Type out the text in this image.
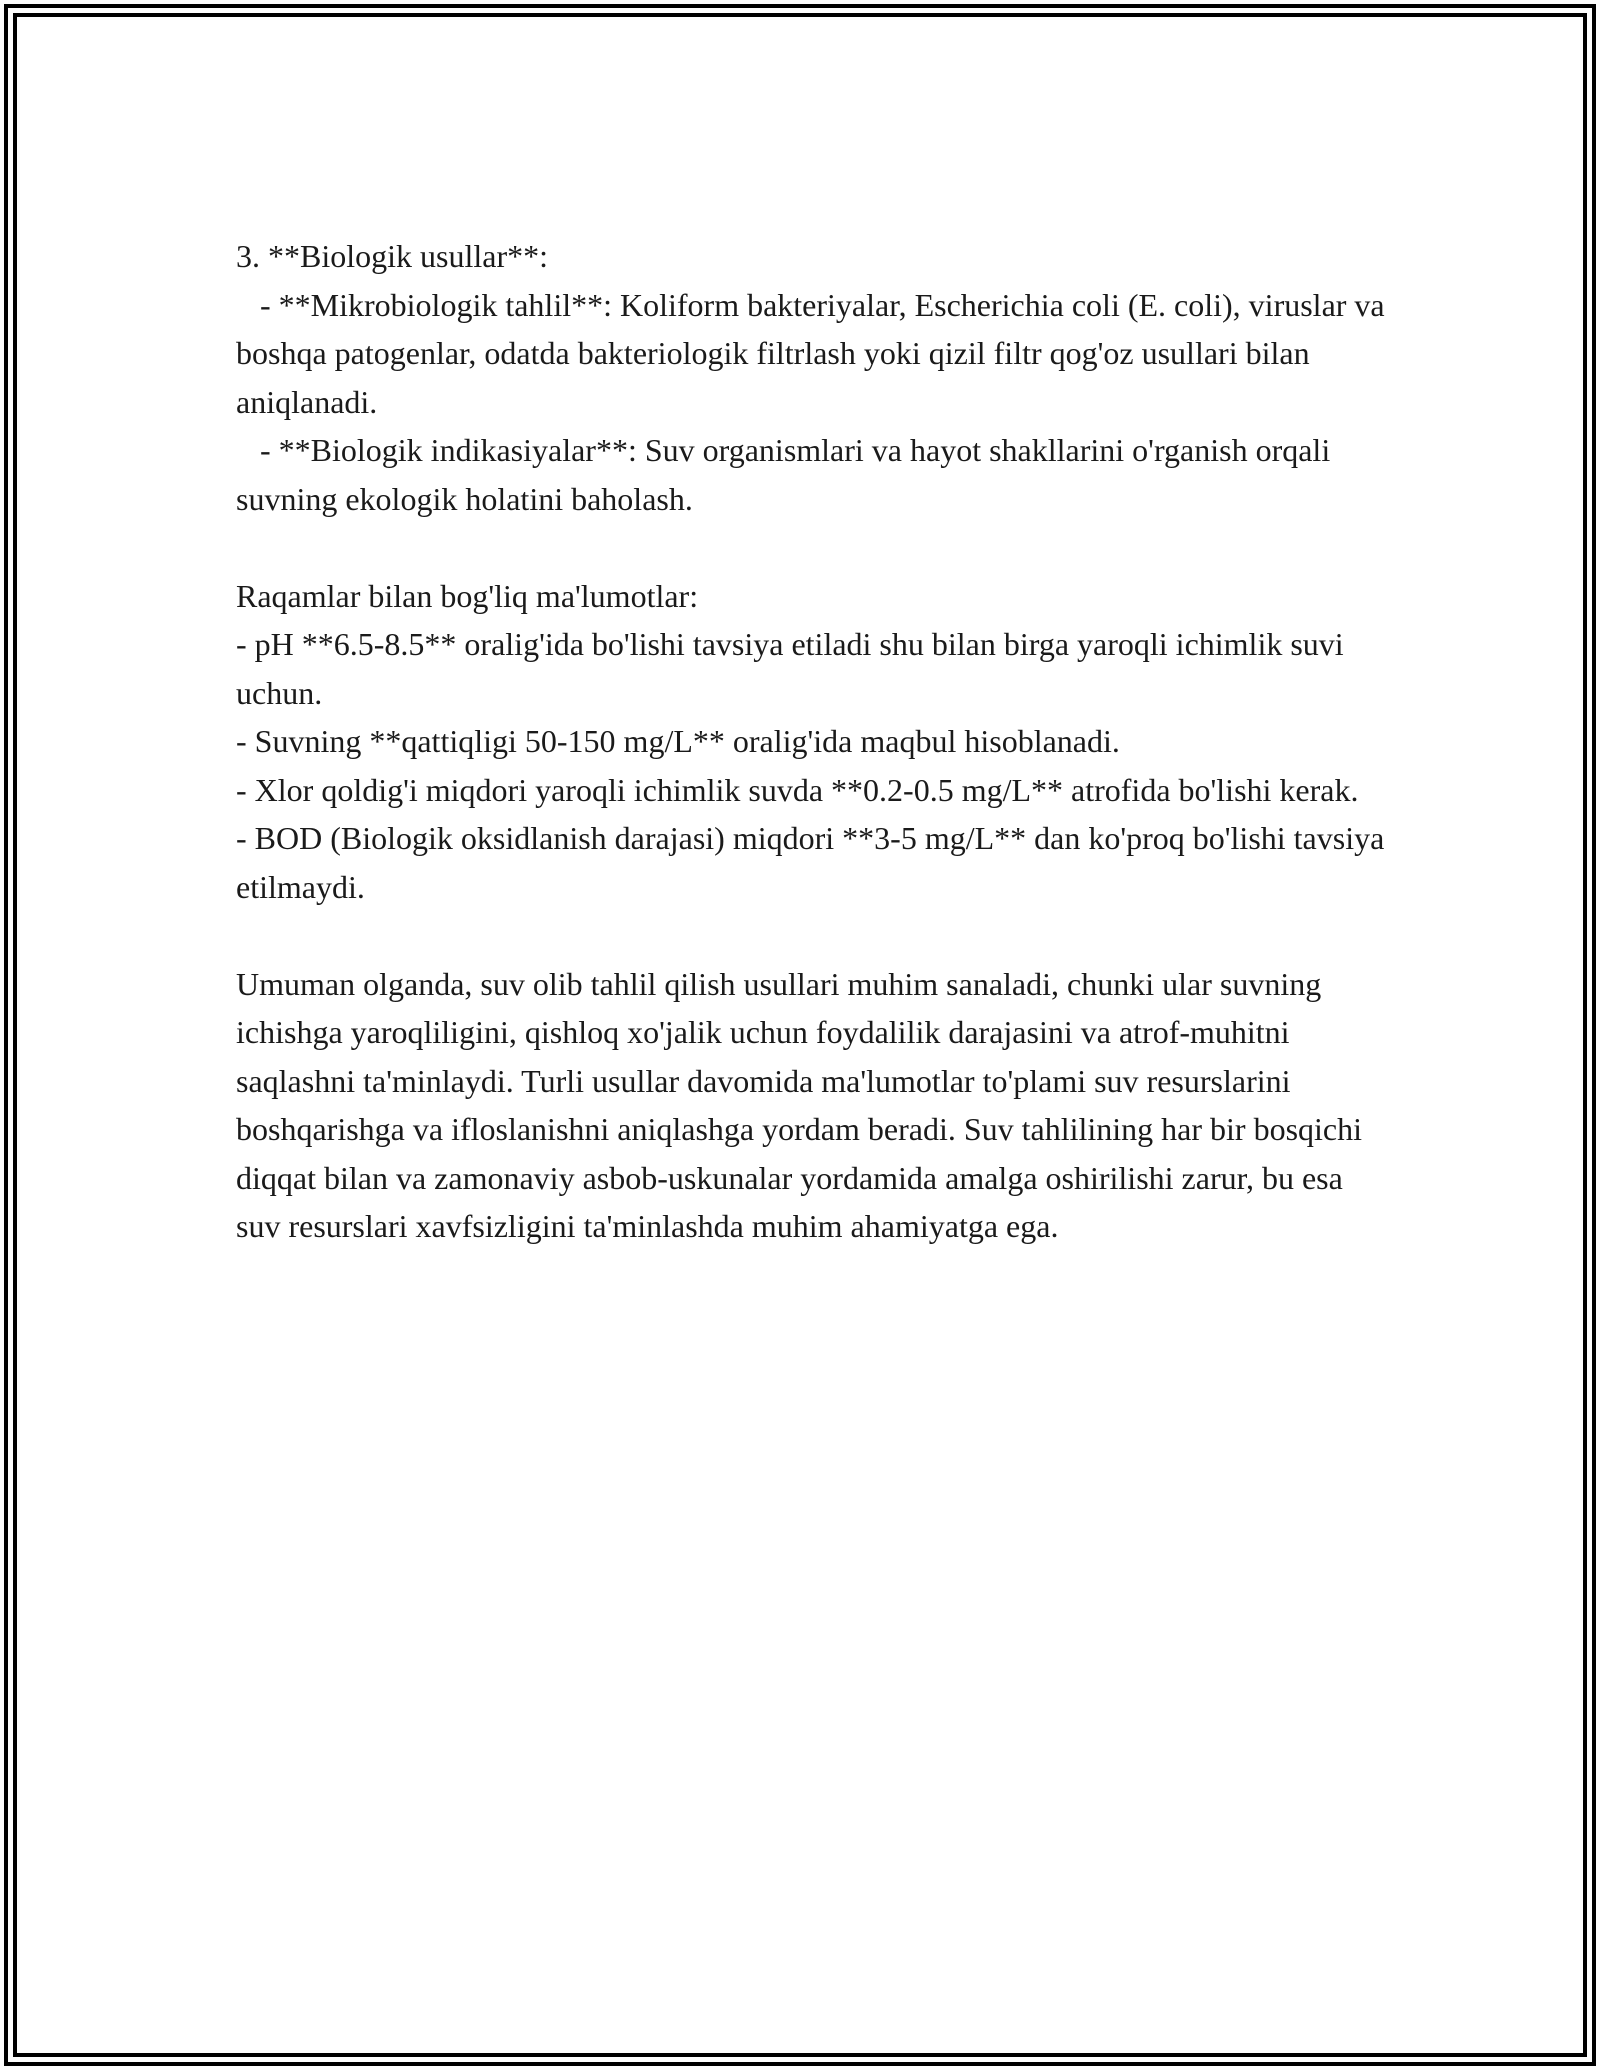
3. **Biologik usullar**:

- **Mikrobiologik tahlil**: Koliform bakteriyalar, Escherichia coli (E. coli), viruslar va boshqa patogenlar, odatda bakteriologik filtrlash yoki qizil filtr qog'oz usullari bilan aniqlanadi.

- **Biologik indikasiyalar**: Suv organismlari va hayot shakllarini o'rganish orqali suvning ekologik holatini baholash.

Raqamlar bilan bog'liq ma'lumotlar:

- pH **6.5-8.5** oralig'ida bo'lishi tavsiya etiladi shu bilan birga yaroqli ichimlik suvi uchun.

- Suvning **qattiqligi 50-150 mg/L** oralig'ida maqbul hisoblanadi.

- Xlor qoldig'i miqdori yaroqli ichimlik suvda **0.2-0.5 mg/L** atrofida bo'lishi kerak.

- BOD (Biologik oksidlanish darajasi) miqdori **3-5 mg/L** dan ko'proq bo'lishi tavsiya etilmaydi.

Umuman olganda, suv olib tahlil qilish usullari muhim sanaladi, chunki ular suvning ichishga yaroqliligini, qishloq xo'jalik uchun foydalilik darajasini va atrof-muhitni saqlashni ta'minlaydi. Turli usullar davomida ma'lumotlar to'plami suv resurslarini boshqarishga va ifloslanishni aniqlashga yordam beradi. Suv tahlilining har bir bosqichi diqqat bilan va zamonaviy asbob-uskunalar yordamida amalga oshirilishi zarur, bu esa suv resurslari xavfsizligini ta'minlashda muhim ahamiyatga ega.
